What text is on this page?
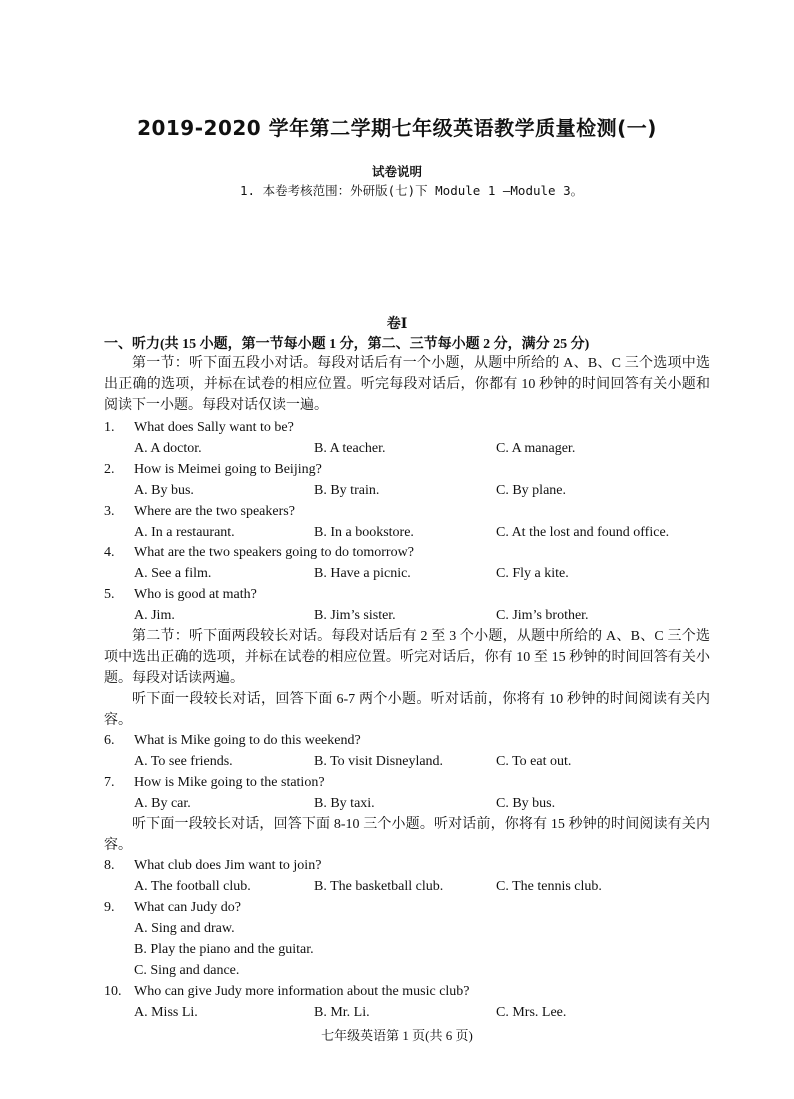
2019-2020 学年第二学期七年级英语教学质量检测(一)
试卷说明
1. 本卷考核范围：外研版(七)下 Module 1 —Module 3。
卷Ⅰ
一、听力(共 15 小题，第一节每小题 1 分，第二、三节每小题 2 分，满分 25 分)
第一节：听下面五段小对话。每段对话后有一个小题，从题中所给的 A、B、C 三个选项中选出正确的选项，并标在试卷的相应位置。听完每段对话后，你都有 10 秒钟的时间回答有关小题和阅读下一小题。每段对话仅读一遍。
1. What does Sally want to be?
A. A doctor.	B. A teacher.	C. A manager.
2. How is Meimei going to Beijing?
A. By bus.	B. By train.	C. By plane.
3. Where are the two speakers?
A. In a restaurant.	B. In a bookstore.	C. At the lost and found office.
4. What are the two speakers going to do tomorrow?
A. See a film.	B. Have a picnic.	C. Fly a kite.
5. Who is good at math?
A. Jim.	B. Jim’s sister.	C. Jim’s brother.
第二节：听下面两段较长对话。每段对话后有 2 至 3 个小题，从题中所给的 A、B、C 三个选项中选出正确的选项，并标在试卷的相应位置。听完对话后，你有 10 至 15 秒钟的时间回答有关小题。每段对话读两遍。
听下面一段较长对话，回答下面 6-7 两个小题。听对话前，你将有 10 秒钟的时间阅读有关内容。
6. What is Mike going to do this weekend?
A. To see friends.	B. To visit Disneyland.	C. To eat out.
7. How is Mike going to the station?
A. By car.	B. By taxi.	C. By bus.
听下面一段较长对话，回答下面 8-10 三个小题。听对话前，你将有 15 秒钟的时间阅读有关内容。
8. What club does Jim want to join?
A. The football club.	B. The basketball club.	C. The tennis club.
9. What can Judy do?
A. Sing and draw.
B. Play the piano and the guitar.
C. Sing and dance.
10. Who can give Judy more information about the music club?
A. Miss Li.	B. Mr. Li.	C. Mrs. Lee.
七年级英语第 1 页(共 6 页)
